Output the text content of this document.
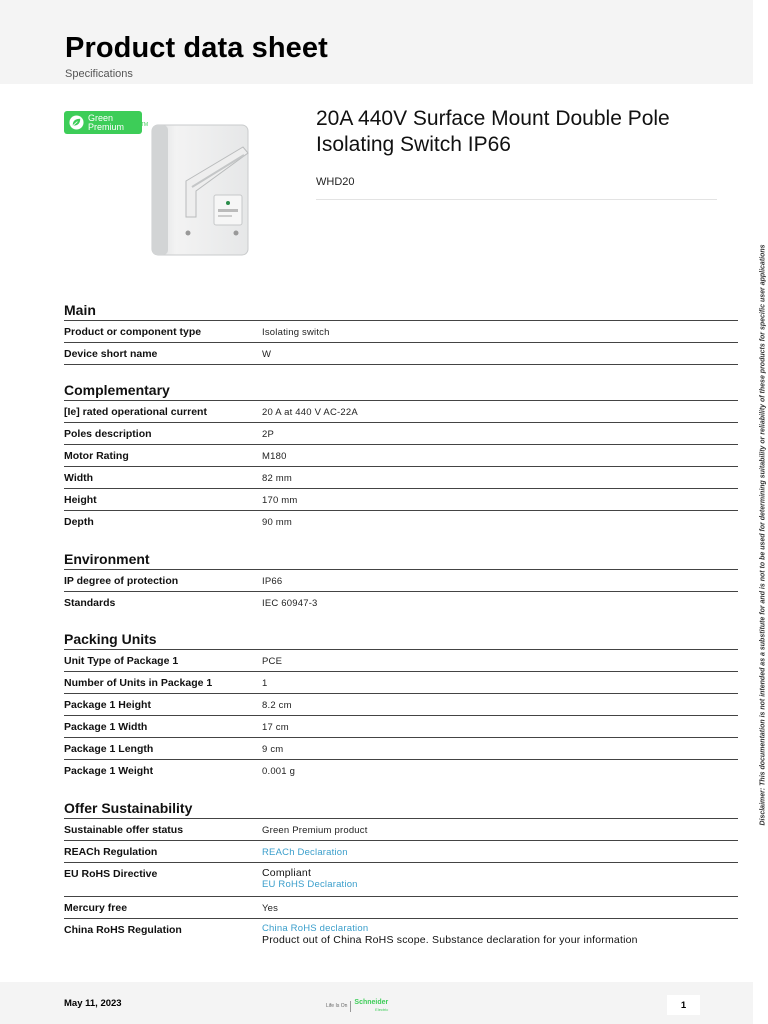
Product data sheet
Specifications
Green
Premium	TM	20A 440V Surface Mount Double Pole Isolating Switch IP66
WHD20
Main
Product or component type	Isolating switch
Device short name	W
Complementary
[Ie] rated operational current	20 A at 440 V AC-22A
Poles description	2P
Motor Rating	M180
Width	82 mm
Height	170 mm
Depth	90 mm
Environment
IP degree of protection	IP66
Standards	IEC 60947-3
Packing Units
Unit Type of Package 1	PCE
Number of Units in Package 1	1
Package 1 Height	8.2 cm
Package 1 Width	17 cm
Package 1 Length	9 cm
Package 1 Weight	0.001 g
Offer Sustainability
Sustainable offer status	Green Premium product
REACh Regulation	REACh Declaration
EU RoHS Directive	Compliant
EU RoHS Declaration
Mercury free	Yes
China RoHS Regulation	China RoHS declaration
Product out of China RoHS scope. Substance declaration for your information
Disclaimer: This documentation is not intended as a substitute for and is not to be used for determining suitability or reliability of these products for specific user applications
May 11, 2023	Life Is On Schneider
Electric	1
